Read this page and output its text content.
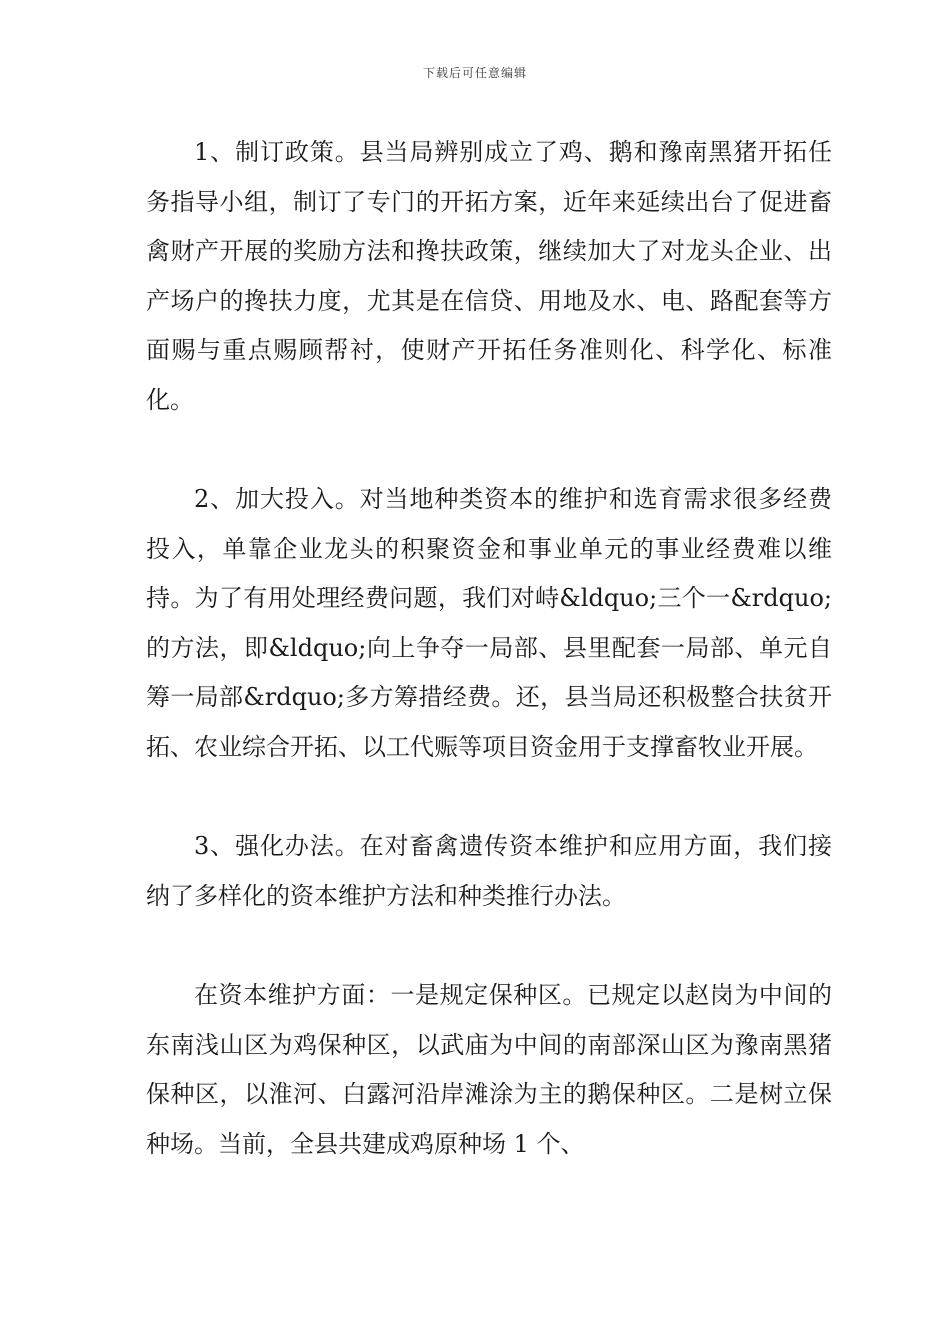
下载后可任意编辑

1、制订政策。县当局辨别成立了鸡、鹅和豫南黑猪开拓任务指导小组，制订了专门的开拓方案，近年来延续出台了促进畜禽财产开展的奖励方法和搀扶政策，继续加大了对龙头企业、出产场户的搀扶力度，尤其是在信贷、用地及水、电、路配套等方面赐与重点赐顾帮衬，使财产开拓任务准则化、科学化、标准化。

2、加大投入。对当地种类资本的维护和选育需求很多经费投入，单靠企业龙头的积聚资金和事业单元的事业经费难以维持。为了有用处理经费问题，我们对峙&ldquo;三个一&rdquo;的方法，即&ldquo;向上争夺一局部、县里配套一局部、单元自筹一局部&rdquo;多方筹措经费。还，县当局还积极整合扶贫开拓、农业综合开拓、以工代赈等项目资金用于支撑畜牧业开展。

3、强化办法。在对畜禽遗传资本维护和应用方面，我们接纳了多样化的资本维护方法和种类推行办法。

在资本维护方面：一是规定保种区。已规定以赵岗为中间的东南浅山区为鸡保种区，以武庙为中间的南部深山区为豫南黑猪保种区，以淮河、白露河沿岸滩涂为主的鹅保种区。二是树立保种场。当前，全县共建成鸡原种场 1 个、
